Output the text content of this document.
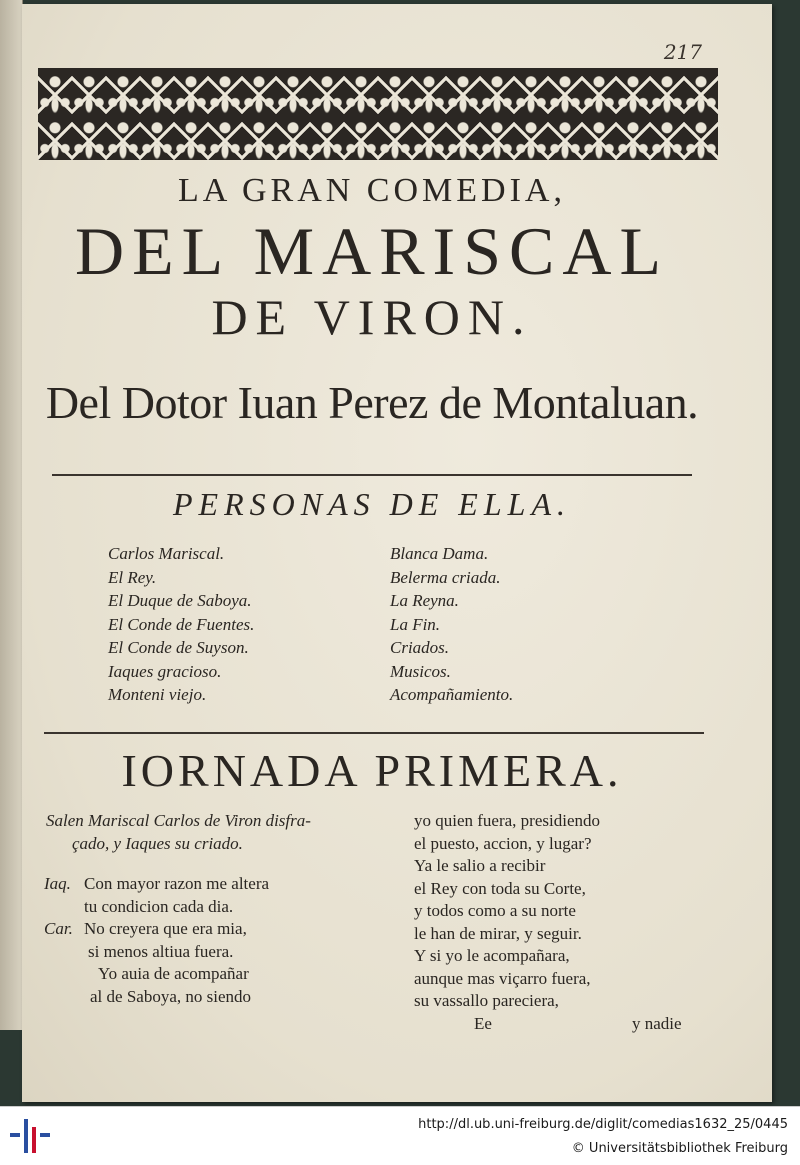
217
LA GRAN COMEDIA,
DEL MARISCAL
DE VIRON.
Del Dotor Iuan Perez de Montaluan.
PERSONAS DE ELLA.
Carlos Mariscal.
El Rey.
El Duque de Saboya.
El Conde de Fuentes.
El Conde de Suyson.
Iaques gracioso.
Monteni viejo.
Blanca Dama.
Belerma criada.
La Reyna.
La Fin.
Criados.
Musicos.
Acompañamiento.
IORNADA PRIMERA.
Salen Mariscal Carlos de Viron disfra-
çado, y Iaques su criado.
Iaq. Con mayor razon me altera
tu condicion cada dia.
Car. No creyera que era mia,
si menos altiua fuera.
Yo auia de acompañar
al de Saboya, no siendo
yo quien fuera, presidiendo
el puesto, accion, y lugar?
Ya le salio a recibir
el Rey con toda su Corte,
y todos como a su norte
le han de mirar, y seguir.
Y si yo le acompañara,
aunque mas viçarro fuera,
su vassallo pareciera,
Ee	y nadie
http://dl.ub.uni-freiburg.de/diglit/comedias1632_25/0445
© Universitätsbibliothek Freiburg
